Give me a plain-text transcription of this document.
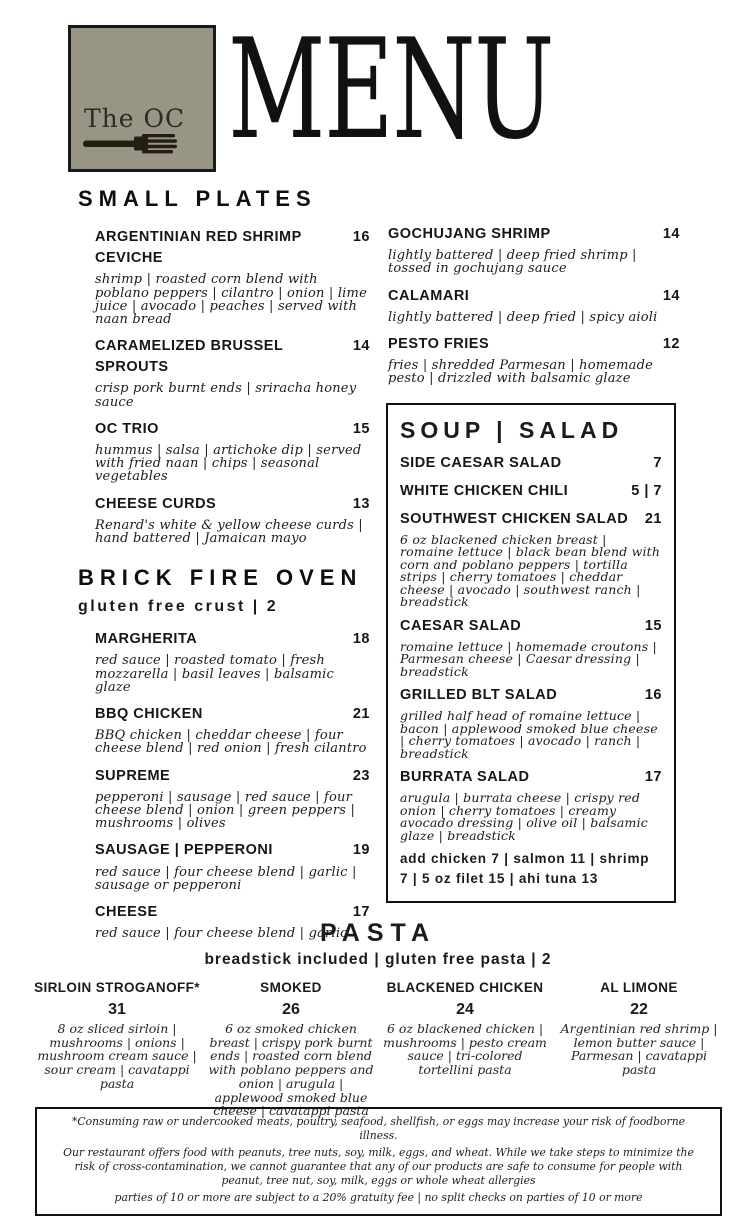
The OC MENU
SMALL PLATES
ARGENTINIAN RED SHRIMP CEVICHE
16
shrimp | roasted corn blend with poblano peppers | cilantro | onion | lime juice | avocado | peaches | served with naan bread
CARAMELIZED BRUSSEL SPROUTS
14
crisp pork burnt ends | sriracha honey sauce
OC TRIO	15
hummus | salsa | artichoke dip | served with fried naan | chips | seasonal vegetables
CHEESE CURDS	13
Renard's white & yellow cheese curds | hand battered | Jamaican mayo
BRICK FIRE OVEN
gluten free crust | 2
MARGHERITA	18
red sauce | roasted tomato | fresh mozzarella | basil leaves | balsamic glaze
BBQ CHICKEN	21
BBQ chicken | cheddar cheese | four cheese blend | red onion | fresh cilantro
SUPREME	23
pepperoni | sausage | red sauce | four cheese blend | onion | green peppers | mushrooms | olives
SAUSAGE | PEPPERONI	19
red sauce | four cheese blend | garlic | sausage or pepperoni
CHEESE	17
red sauce | four cheese blend | garlic
GOCHUJANG SHRIMP	14
lightly battered | deep fried shrimp | tossed in gochujang sauce
CALAMARI	14
lightly battered | deep fried | spicy aioli
PESTO FRIES	12
fries | shredded Parmesan | homemade pesto | drizzled with balsamic glaze
SOUP | SALAD
SIDE CAESAR SALAD	7
WHITE CHICKEN CHILI	5 | 7
SOUTHWEST CHICKEN SALAD	21
6 oz blackened chicken breast | romaine lettuce | black bean blend with corn and poblano peppers | tortilla strips | cherry tomatoes | cheddar cheese | avocado | southwest ranch | breadstick
CAESAR SALAD	15
romaine lettuce | homemade croutons | Parmesan cheese | Caesar dressing | breadstick
GRILLED BLT SALAD	16
grilled half head of romaine lettuce | bacon | applewood smoked blue cheese | cherry tomatoes | avocado | ranch | breadstick
BURRATA SALAD	17
arugula | burrata cheese | crispy red onion | cherry tomatoes | creamy avocado dressing | olive oil | balsamic glaze | breadstick
add chicken 7 | salmon 11 | shrimp 7 | 5 oz filet 15 | ahi tuna 13
PASTA
breadstick included | gluten free pasta | 2
SIRLOIN STROGANOFF*
31
8 oz sliced sirloin | mushrooms | onions | mushroom cream sauce | sour cream | cavatappi pasta
SMOKED
26
6 oz smoked chicken breast | crispy pork burnt ends | roasted corn blend with poblano peppers and onion | arugula | applewood smoked blue cheese | cavatappi pasta
BLACKENED CHICKEN
24
6 oz blackened chicken | mushrooms | pesto cream sauce | tri-colored tortellini pasta
AL LIMONE
22
Argentinian red shrimp | lemon butter sauce | Parmesan | cavatappi pasta

*Consuming raw or undercooked meats, poultry, seafood, shellfish, or eggs may increase your risk of foodborne illness.

Our restaurant offers food with peanuts, tree nuts, soy, milk, eggs, and wheat. While we take steps to minimize the risk of cross-contamination, we cannot guarantee that any of our products are safe to consume for people with peanut, tree nut, soy, milk, eggs or whole wheat allergies

parties of 10 or more are subject to a 20% gratuity fee | no split checks on parties of 10 or more
